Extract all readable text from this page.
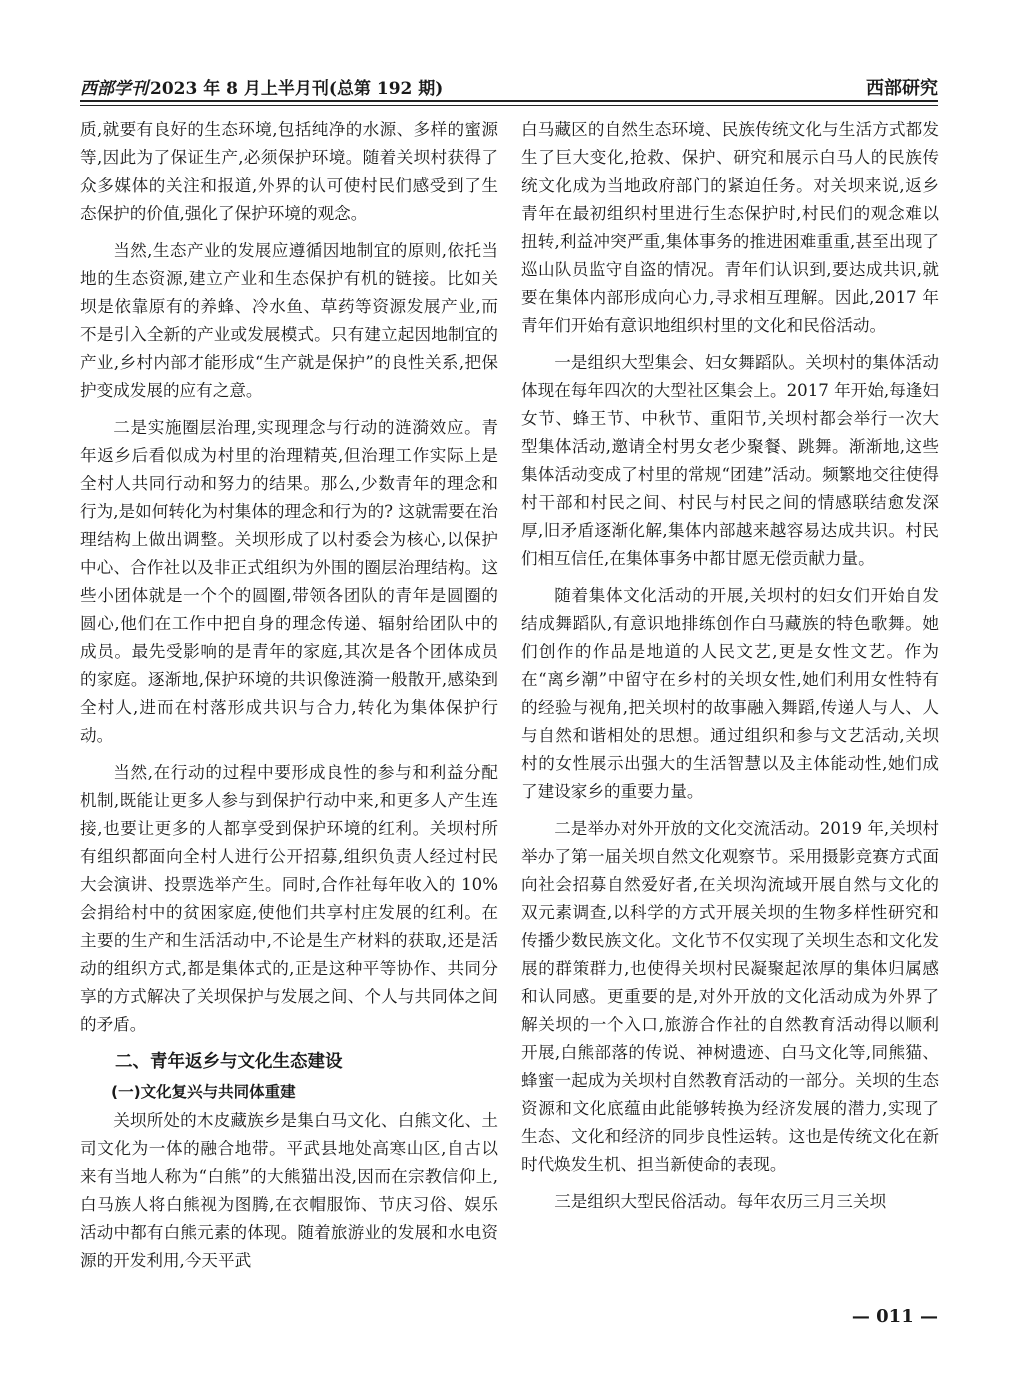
西部学刊 2023 年 8 月上半月刊(总第 192 期)	西部研究

质,就要有良好的生态环境,包括纯净的水源、多样的蜜源等,因此为了保证生产,必须保护环境。随着关坝村获得了众多媒体的关注和报道,外界的认可使村民们感受到了生态保护的价值,强化了保护环境的观念。

当然,生态产业的发展应遵循因地制宜的原则,依托当地的生态资源,建立产业和生态保护有机的链接。比如关坝是依靠原有的养蜂、冷水鱼、草药等资源发展产业,而不是引入全新的产业或发展模式。只有建立起因地制宜的产业,乡村内部才能形成“生产就是保护”的良性关系,把保护变成发展的应有之意。

二是实施圈层治理,实现理念与行动的涟漪效应。青年返乡后看似成为村里的治理精英,但治理工作实际上是全村人共同行动和努力的结果。那么,少数青年的理念和行为,是如何转化为村集体的理念和行为的? 这就需要在治理结构上做出调整。关坝形成了以村委会为核心,以保护中心、合作社以及非正式组织为外围的圈层治理结构。这些小团体就是一个个的圆圈,带领各团队的青年是圆圈的圆心,他们在工作中把自身的理念传递、辐射给团队中的成员。最先受影响的是青年的家庭,其次是各个团体成员的家庭。逐渐地,保护环境的共识像涟漪一般散开,感染到全村人,进而在村落形成共识与合力,转化为集体保护行动。

当然,在行动的过程中要形成良性的参与和利益分配机制,既能让更多人参与到保护行动中来,和更多人产生连接,也要让更多的人都享受到保护环境的红利。关坝村所有组织都面向全村人进行公开招募,组织负责人经过村民大会演讲、投票选举产生。同时,合作社每年收入的 10%会捐给村中的贫困家庭,使他们共享村庄发展的红利。在主要的生产和生活活动中,不论是生产材料的获取,还是活动的组织方式,都是集体式的,正是这种平等协作、共同分享的方式解决了关坝保护与发展之间、个人与共同体之间的矛盾。

二、青年返乡与文化生态建设
(一)文化复兴与共同体重建

关坝所处的木皮藏族乡是集白马文化、白熊文化、土司文化为一体的融合地带。平武县地处高寒山区,自古以来有当地人称为“白熊”的大熊猫出没,因而在宗教信仰上,白马族人将白熊视为图腾,在衣帽服饰、节庆习俗、娱乐活动中都有白熊元素的体现。随着旅游业的发展和水电资源的开发利用,今天平武

白马藏区的自然生态环境、民族传统文化与生活方式都发生了巨大变化,抢救、保护、研究和展示白马人的民族传统文化成为当地政府部门的紧迫任务。对关坝来说,返乡青年在最初组织村里进行生态保护时,村民们的观念难以扭转,利益冲突严重,集体事务的推进困难重重,甚至出现了巡山队员监守自盗的情况。青年们认识到,要达成共识,就要在集体内部形成向心力,寻求相互理解。因此,2017 年青年们开始有意识地组织村里的文化和民俗活动。

一是组织大型集会、妇女舞蹈队。关坝村的集体活动体现在每年四次的大型社区集会上。2017 年开始,每逢妇女节、蜂王节、中秋节、重阳节,关坝村都会举行一次大型集体活动,邀请全村男女老少聚餐、跳舞。渐渐地,这些集体活动变成了村里的常规“团建”活动。频繁地交往使得村干部和村民之间、村民与村民之间的情感联结愈发深厚,旧矛盾逐渐化解,集体内部越来越容易达成共识。村民们相互信任,在集体事务中都甘愿无偿贡献力量。

随着集体文化活动的开展,关坝村的妇女们开始自发结成舞蹈队,有意识地排练创作白马藏族的特色歌舞。她们创作的作品是地道的人民文艺,更是女性文艺。作为在“离乡潮”中留守在乡村的关坝女性,她们利用女性特有的经验与视角,把关坝村的故事融入舞蹈,传递人与人、人与自然和谐相处的思想。通过组织和参与文艺活动,关坝村的女性展示出强大的生活智慧以及主体能动性,她们成了建设家乡的重要力量。

二是举办对外开放的文化交流活动。2019 年,关坝村举办了第一届关坝自然文化观察节。采用摄影竞赛方式面向社会招募自然爱好者,在关坝沟流域开展自然与文化的双元素调查,以科学的方式开展关坝的生物多样性研究和传播少数民族文化。文化节不仅实现了关坝生态和文化发展的群策群力,也使得关坝村民凝聚起浓厚的集体归属感和认同感。更重要的是,对外开放的文化活动成为外界了解关坝的一个入口,旅游合作社的自然教育活动得以顺利开展,白熊部落的传说、神树遗迹、白马文化等,同熊猫、蜂蜜一起成为关坝村自然教育活动的一部分。关坝的生态资源和文化底蕴由此能够转换为经济发展的潜力,实现了生态、文化和经济的同步良性运转。这也是传统文化在新时代焕发生机、担当新使命的表现。

三是组织大型民俗活动。每年农历三月三关坝

— 011 —
